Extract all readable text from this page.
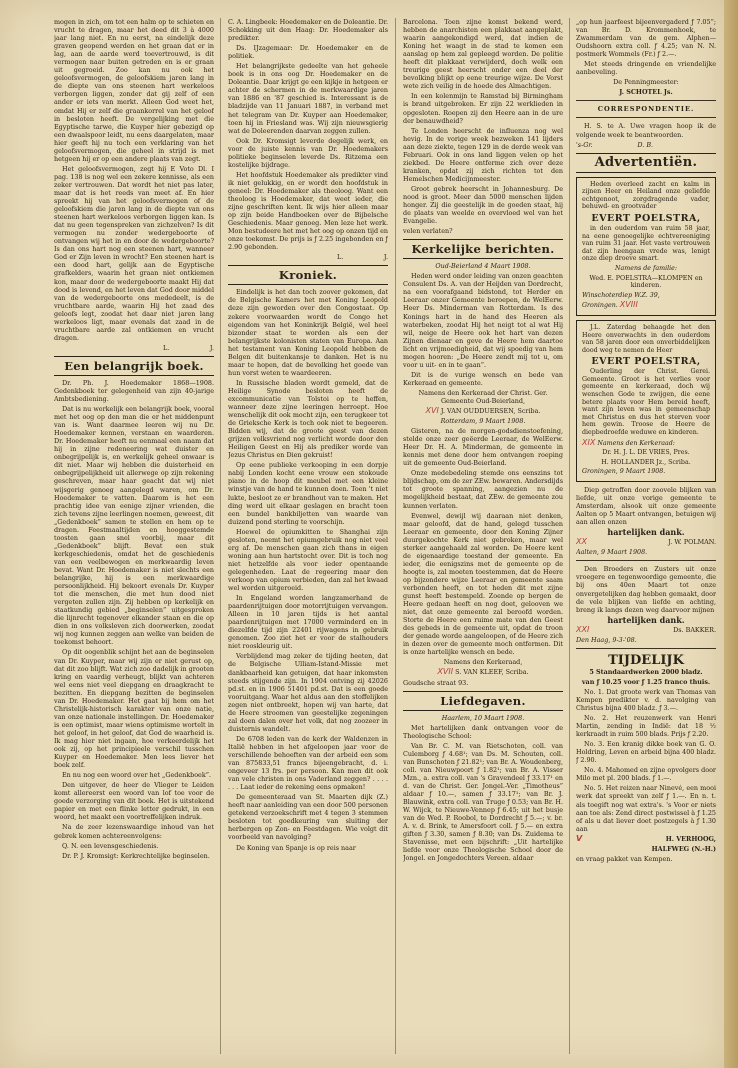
mogen in zich, om tot een halm op te schieten en vrucht te dragen, maar het deed dit 3 à 4000 jaar lang niet. En nu eerst, na eindelijk deze graven geopend werden en het graan dat er in lag, aan de aarde werd toevertrouwd, is dit vermogen naar buiten getreden en is er graan uit gegroeid. Zoo kan nu ook het geloofsvermogen, de geloofskiem jaren lang in de diepte van ons steenen hart werkeloos verborgen liggen, zonder dat gij zelf of een ander er iets van merkt. Alleen God weet het, omdat Hij er zelf die graankorrel van het geloof in besloten heeft. De vergelijking met die Egyptische tarwe, die Kuyper hier gebezigd op een dwaalspoor leidt, nu eens daargelaten, maar hier geeft hij nu toch een verklaring van het geloofsvermogen, die geheel in strijd is met hetgeen hij er op een andere plaats van zegt.

Het geloofsvermogen, zegt hij E Voto Dl. I pag. 138 is nog wel een zekere kennisse, als een zeker vertrouwen. Dat wordt het niet pas later, maar dat is het reeds van meet af. En hier spreekt hij van het geloofsvermogen of de geloofskiem die jaren lang in de diepte van ons steenen hart werkeloos verborgen liggen kan. Is dat nu geen tegenspreken van zichzelven? Is dit vermogen nu zonder wedergeboorte of ontvangen wij het in en door de wedergeboorte? Is dan ons hart nog een steenen hart, wanneer God er Zijn leven in wrocht? Een steenen hart is een dood hart, gelijk aan de Egyptische grafkelders, waarin het graan niet ontkiemen kon, maar door de wedergeboorte maakt Hij dat dood is levend, en het leven dat God door middel van de wedergeboorte ons mededeelt, is de vruchtbare aarde, waarin Hij het zaad des geloofs legt, zoodat het daar niet jaren lang werkeloos ligt, maar evenals dat zaad in de vruchtbare aarde zal ontkiemen en vrucht dragen.

L.                    J.

Een belangrijk boek.

Dr. Ph. J. Hoedemaker 1868—1908. Gedenkboek ter gelegenheid van zijn 40-jarige Ambtsbediening.

Dat is nu werkelijk een belangrijk boek, vooral met het oog op den man die er het middenpunt van is. Want daarmee leeren wij nu Dr. Hoedemaker kennen, verstaan en waarderen. Dr. Hoedemaker heeft nu eenmaal een naam dat hij in zijne redeneering wat duister en onbegrijpelijk is, en werkelijk geheel onwaar is dit niet. Maar wij hebben die duisterheid en onbegrijpelijkheid uit allerwege op zijn rekening geschreven, maar haar geacht dat wij niet wijsgerig genoeg aangelegd waren, om Dr. Hoedemaker te vatten. Daarom is het een prachtig idee van eenige zijner vrienden, die zich tevens zijne leerlingen noemen, geweest, dit „Gedenkboek” samen te stellen en hem op te dragen. Feestmaaltijden en hooggestemde toosten gaan snel voorbij, maar dit „Gedenkboek” blijft. Bevat een stuk kerkgeschiedenis, omdat het de geschiedenis van een veelbewogen en merkwaardig leven bevat. Want Dr. Hoedemaker is niet slechts een belangrijke, hij is een merkwaardige persoonlijkheid. Hij bekoort evenals Dr. Kuyper tot die menschen, die met hun dood niet vergeten zullen zijn. Zij hebben op kerkelijk en staatkundig gebied „beginselen” uitgesproken die lijnrecht tegenover elkander staan en die op dien in ons volksleven zich doorwerken, zoodat wij nog kunnen zeggen aan welke van beiden de toekomst behoort.

Op dit oogenblik schijnt het aan de beginselen van Dr. Kuyper, maar wij zijn er niet gerust op, dat dit zoo blijft. Wat zich zoo dadelijk in grooten kring en vaardig verheugt, blijkt van achteren wel eens niet veel diepgang en draagkracht te bezitten. En diepgang bezitten de beginselen van Dr. Hoedemaker. Het gaat bij hem om het Christelijk-historisch karakter van onze natie, van onze nationale instellingen. Dr. Hoedemaker is een optimist, maar wiens optimisme wortelt in het geloof, in het geloof, dat God de waarheid is. Ik mag hier niet ingaan, hoe verkeerdelijk het ook zij, op het principieele verschil tusschen Kuyper en Hoedemaker. Men lees liever het boek zelf.

En nu nog een woord over het „Gedenkboek”.

Den uitgever, de heer de Vlieger te Leiden komt allereerst een woord van lof toe voor de goede verzorging van dit boek. Het is uitstekend papier en met een flinke letter gedrukt, in een woord, het maakt een voortreffelijken indruk.

Na de zeer lezenswaardige inhoud van het gebrek komen achtereenvolgens:

Q. N. een levensgeschiedenis.

Dr. P. J. Kromsigt: Kerkrechtelijke beginselen.

C. A. Lingbeek: Hoedemaker en de Doleantie. Dr. Schokking uit den Haag: Dr. Hoedemaker als predikter.

Ds. IJzagemaar: Dr. Hoedemaker en de politiek.

Het belangrijkste gedeelte van het geheele boek is in ons oog Dr. Hoedemaker en de Doleantie. Daar krijgt ge een kijkje in hetgeen er achter de schermen in de merkwaardige jaren van 1886 en '87 geschied is. Interessant is de bladzijde van 11 Januari 1887, in verband met het telegram van Dr. Kuyper aan Hoedemaker, toen hij in Friesland was. Wij zijn nieuwsgierig wat de Doleerenden daarvan zeggen zullen.

Ook Dr. Kromsigt leverde degelijk werk, en voor de juiste kennis van Dr. Hoedemakers politieke beginselen leverde Ds. Ritzema een kostelijke bijdrage.

Het hoofdstuk Hoedemaker als predikter vind ik niet gelukkig, en er wordt den hoofdstuk in geneel: Dr. Hoedemaker als theoloog. Want een theoloog is Hoedemaker, dat weet ieder, die zijne geschriften kent. Ik wijs hier alleen maar op zijn beide Handboeken over de Bijbelsche Geschiedenis. Maar genoeg. Men leze het werk. Mon bestudeere het met het oog op onzen tijd en onze toekomst. De prijs is ƒ 2.25 ingebonden en ƒ 2.90 gebonden.

L.                    J.

Kroniek.

Eindelijk is het dan toch zoover gekomen, dat de Belgische Kamers het met Koning Leopold deze zijn geworden over den Congostaat. Op zekere voorwaarden wordt de Congo het eigendom van het Koninkrijk België, wel heel bizonder staat te worden als een der belangrijkste kolonisten staten van Europa. Aan het testament van Koning Leopold hebben de Belgen dit buitenkansje te danken. Het is nu maar te hopen, dat de bevolking het goede van hun vorst weten te waardeeren.

In Russische bladen wordt gemeld, dat de Heilige Synode besloten heeft de excommunicatie van Tolstoi op te heffen, wanneer deze zijne leeringen herroept. Hoe wenschelijk dit ook mocht zijn, een terugkeer tot de Grieksche Kerk is toch ook niet te begeeren. Bidden wij, dat de groote geest van dezen grijzen volksvriend nog verlicht worde door den Heiligen Geest en Hij als prediker worde van Jezus Christus en Dien gekruist!

Op eene publieke verkooping in een dorpje nabij Londen kocht eene vrouw een stokoude piano in de hoop dit meubel met een kleine winstje van de hand te kunnen doen. Toen 't niet lukte, besloot ze er brandhout van te maken. Het ding werd uit elkaar geslagen en bracht toen een bundel bankbiljetten van waarde van duizend pond sterling te voorschijn.

Hoewel de opiumkitten te Shanghai zijn gesloten, neemt het opiumgebruik nog niet veel erg af. De menschen gaan zich thans in eigen woning aan hun hartstocht over. Dit is toch nog niet hetzelfde als voor ieder opentaande gelegenheden. Laat de regeering maar den verkoop van opium verbieden, dan zal het kwaad wel worden uitgeroeid.

In Engeland worden langzamerhand de paardenrijtuigen door motorrijtuigen vervangen. Alleen in 10 jaren tijds is het aantal paardenrijtuigen met 17000 verminderd en in diezelfde tijd zijn 22401 rijwagens in gebruik genomen. Zoo ziet het er voor de stalhouders niet rooskleurig uit.

Verblijdend mag zeker de tijding heeten, dat de Belgische Ulliam-Istand-Missie met dankbaarheid kan getuigen, dat haar inkomsten steeds stijgende zijn. In 1904 ontving zij 42026 pd.st. en in 1906 51401 pd.st. Dat is een goede vooruitgang. Waar het aldus aan den stoffelijken zegen niet ontbreekt, hopen wij van harte, dat de Heere stroomen van geestelijke zegeningen zal doen dalen over het volk, dat nog zoozeer in duisternis wandelt.

De 6708 leden van de kerk der Waldenzen in Italië hebben in het afgeloopen jaar voor de verschillende behoeften van der arbeid een som van 875833,51 francs bijeengebracht, d. i. ongeveer 13 frs. per persoon. Kan men dit ook van vele christen in ons Vaderland zeggen? . . . . . . . Laat ieder de rekening eens opmaken!

De gemeenteraad van St. Maarten dijk (Z.) heeft naar aanleiding van een door 500 personen getekend verzoekschrift met 4 tegen 3 stemmen besloten tot goedkeuring van sluiting der herbergen op Zon- en Feestdagen. Wie volgt dit voorbeeld van navolging?

De Koning van Spanje is op reis naar

Barcelona. Toen zijne komst bekend werd, hebben de anarchisten een plakkaat aangeplakt, waarin aangekondigd werd, dat indien de Koning het waagt in de stad te komen een aanslag op hem zal gepleegd worden. De politie heeft dit plakkaat verwijderd, doch welk een treurige geest heerscht onder een deel der bevolking blijkt op eene treurige wijze. De Vorst wete zich veilig in de hoede des Almachtigen.

In een kolenmijn te Ramstad bij Birmingham is brand uitgebroken. Er zijn 22 werklieden in opgesloten. Roepen zij den Heere aan in de ure der benauwdheid?

Te Londen heerscht de influenza nog wel hevig. In de vorige week bezweken 141 lijders aan deze ziekte, tegen 129 in de derde week van Februari. Ook in ons land liggen velen op het ziekbed. De Heere ontferme zich over deze kranken, opdat zij zich richten tot den Hemelschen Medicijnmeester.

Groot gebrek heerscht in Johannesburg. De nood is groot. Meer dan 5000 menschen lijden honger. Zij die geestelijk in de goeden staat, hij de plaats van weelde en overvloed wel van het Evangelie.

velen verlaten?

Kerkelijke berichten.

Oud-Beierland 4 Maart 1908.

Heden werd onder leiding van onzen geachten Consulent Ds. A. van der Heijden van Dordrecht, na een voorafgaand bidstond, tot Herder en Leeraar onzer Gemeente beroepen, de WelEerw. Heer Ds. Minderman van Rotterdam. Is des Konings hart in de hand des Heeren als waterbeken, zoodat Hij het neigt tot al wat Hij wil, neige de Heere ook het hart van dezen Zijnen dienaar en geve de Heere hem daartoe licht en vrijmoedigheid, dat wij spoedig van hem mogen hooren: „De Heere zendt mij tot u, om voor u uit- en in te gaan”.

Dit is de vurige wensch en bede van Kerkeraad en gemeente.

Namens den Kerkeraad der Christ. Ger. Gemeente Oud-Beierland,

XVI J. VAN OUDDUERSEN, Scriba.

Rotterdam, 9 Maart 1908.

Gisteren, na de morgen-godsdienstoefening, stelde onze zeer geëerde Leeraar, de WelEerw. Heer Dr. H. A. Minderman, de gemeente in kennis met dene door hem ontvangen roeping uit de gemeente Oud-Beierland.

Onze medebedeling stemde ons eenszins tot blijdschap, om de zer ZEw. bewaren. Andersdijds tot groote spanning, aangezien nu de mogelijkheid bestaat, dat ZEw. de gemeente zou kunnen verlaten.

Evenwel, dewijl wij daaraan niet denken, maar geloofd, dat de hand, gelegd tusschen Leeraar en gemeente, door den Koning Zijner duurgekochte Kerk niet gebroken, maar wel sterker aangehaald zal worden. De Heere kent de eigenaardige toestand der gemeente. En ieder, die eenigszins met de gemeente op de hoogte is, zal moeten toestemmen, dat de Heere op bijzondere wijze Leeraar en gemeente saam verbonden heeft, en tot heden dit met zijne gunst heeft bestempeld. Zoende op bergen de Heere gedaan heeft en nog doet, gelooven we niet, dat onze gemeente zal beroofd worden. Storte de Heere een ruime mate van den Geest des gebeds in de gemeente uit, opdat de troon der genade worde aangeloopen, of de Heere zich in dezen over de gemeente moch ontfermen. Dit is onze hartelijke wensch en bede.

Namens den Kerkeraad,

XVII S. VAN KLEEF, Scriba.

Goudsche straat 93.

Liefdegaven.

Haarlem, 10 Maart 1908.

Met hartelijken dank ontvangen voor de Theologische School:

Van Br. C. M. van Rietschoten, coll. van Culemborg ƒ 4.68¹; van Ds. M. Schouten, coll. van Bunschoten ƒ 21.82¹; van Br. A. Woudenberg, coll. van Nieuwpoort ƒ 1.82¹; van Br. A. Visser Mzn., a. extra coll. van 's Gravendeel ƒ 33.17¹ en d. van de Christ. Ger. Jongel.-Ver. „Timotheus” aldaar ƒ 10.—, samen ƒ 33.17¹; van Br. J. Blauwink, extra coll. van Truge ƒ 0.53; van Br. H. W. Wijck, te Nieuwe-Vennep ƒ 6.45; uit het busje van de Wed. P. Roobol, te Dordrecht ƒ 5.—; v. br. A. v. d. Brink, te Amersfoort coll. ƒ 5.— en extra giften ƒ 3.30, samen ƒ 8.30; van Ds. Zuidema te Stavenisse, met een bijschrift: „Uit hartelijke liefde voor onze Theologische School door de Jongel. en Jongedochters Vereen. aldaar

„op hun jaarfeest bijeenvergaderd ƒ 7.05”; van Br. D. Krommenhoek, te Zwammerdam van de gem. Alphen—Oudshoorn extra coll. ƒ 4.25; van N. N. postmerk Wommels (Fr.) ƒ 2.—.

Met steeds dringende en vriendelijke aanbeveling.

De Penningmeester:

J. SCHOTEL Js.

CORRESPONDENTIE.

H. S. te A. Uwe vragen hoop ik de volgende week te beantwoorden.

's-Gr.                      D. B.

Advertentiën.

Heden overleed zacht en kalm in zijnen Heer en Heiland onze geliefde echtgenoot, zorgdragende vader, behuwd- en grootvader

EVERT POELSTRA,

in den ouderdom van ruim 58 jaar, na eene genoegelijke echtvereeniging van ruim 31 jaar. Het vaste vertrouwen dat zijn heengaan vrede was, lenigt onze diep droeve smart.

Namens de familie:

Wed. E. POELSTRA—KLOMPEN en kinderen.

Winschoterdiep W.Z. 39,

Groningen. XVIII

J.L. Zaterdag behaagde het den Heere onverwachts in den ouderdom van 58 jaren door een onverbiddelijken dood weg te nemen de Heer

EVERT POELSTRA,

Ouderling der Christ. Gerei. Gemeente. Groot is het verlies voor gemeente en kerkeraad, doch wij wenschen Gode te zwijgen, die eene betere plaats voor Hem bereid heeft, want zijn leven was in gemeenschap met Christus en dus het sterven voor hem gewin. Troose de Heere de diepbedroefde weduwe en kinderen.

XIX Namens den Kerkeraad:

Dr. H. J. L. DE VRIES, Pres.

H. HOLLANDER Jz., Scriba.

Groningen, 9 Maart 1908.

Diep getroffen door zoovele blijken van liefde, uit onze vorige gemeente te Amsterdam, alsook uit onze gemeente Aalten op 5 Maart ontvangen, betuigen wij aan allen onzen

hartelijken dank.

XX	J. W. POLMAN.

Aalten, 9 Maart 1908.

Den Broeders en Zusters uit onze vroegere en tegenwoordige gemeente, die bij ons 40en Maart tot onze onvergetelijken dag hebben gemaakt, door de vele blijken van liefde en achting, breng ik langs dezen weg daarvoor mijnen

hartelijken dank.

XXI	Ds. BAKKER.

Den Haag, 9-3-'08.

TIJDELIJK

5 Standaardwerken 2000 bladz.

van ƒ 10.25 voor ƒ 1.25 franco thuis.

No. 1. Dat groote werk van Thomas van Kempen predikter v. d. navolging van Christus bijna 400 bladz. ƒ 3.—.

No. 2. Het reuzenwerk van Henri Martin, zending in Indië: dat 18 ½ kerkraadt in ruim 500 blads. Prijs ƒ 2.20.

No. 3. Een kranig dikke boek van G. O. Holdring, Leven en arbeid bijna 400 bladz. ƒ 2.90.

No. 4. Mahomed en zijne opvolgers door Milo met pl. 200 blads. ƒ 1.—.

No. 5. Het reizen naar Ninevé, een mooi werk dat spreekt van zelf ƒ 1.—. En n. t. als toegift nog wat extra's. 's Voor er niets aan toe als: Zend direct postwissel à ƒ 1.25 of als u dat liever doet postzegels à ƒ 1.30 aan

V	H. VERHOOG,

HALFWEG (N.-H.)

en vraag pakket van Kempen.
